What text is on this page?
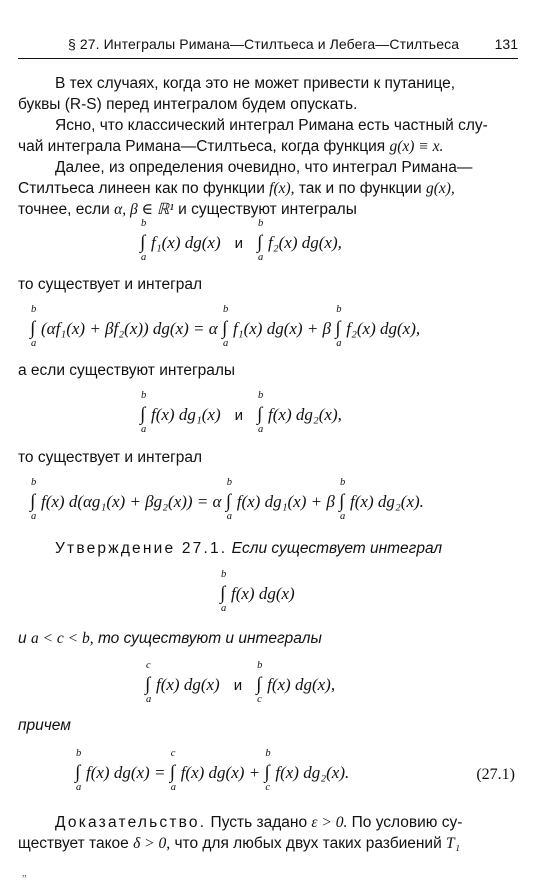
§ 27. Интегралы Римана—Стилтьеса и Лебега—Стилтьеса	131
В тех случаях, когда это не может привести к путанице,
буквы (R-S) перед интегралом будем опускать.
Ясно, что классический интеграл Римана есть частный слу-
чай интеграла Римана—Стилтьеса, когда функция g(x) ≡ x.
Далее, из определения очевидно, что интеграл Римана—
Стилтьеса линеен как по функции f(x), так и по функции g(x),
точнее, если α, β ∈ ℝ¹ и существуют интегралы
∫
b
a
f₁(x) dg(x) и ∫
b
a
f₂(x) dg(x),
то существует и интеграл
∫
b
a
(αf₁(x) + βf₂(x)) dg(x) = α ∫
b
a
f₁(x) dg(x) + β ∫
b
a
f₂(x) dg(x),
а если существуют интегралы
∫
b
a
f(x) dg₁(x) и ∫
b
a
f(x) dg₂(x),
то существует и интеграл
∫
b
a
f(x) d(αg₁(x) + βg₂(x)) = α ∫
b
a
f(x) dg₁(x) + β ∫
b
a
f(x) dg₂(x).
Утверждение 27.1. Если существует интеграл
∫
b
a
f(x) dg(x)
и a < c < b, то существуют и интегралы
∫
c
a
f(x) dg(x) и ∫
b
c
f(x) dg(x),
причем
∫
b
a
f(x) dg(x) = ∫
c
a
f(x) dg(x) + ∫
b
c
f(x) dg₂(x).	(27.1)
Доказательство. Пусть задано ε > 0. По условию су-
ществует такое δ > 0, что для любых двух таких разбиений T₁
„
